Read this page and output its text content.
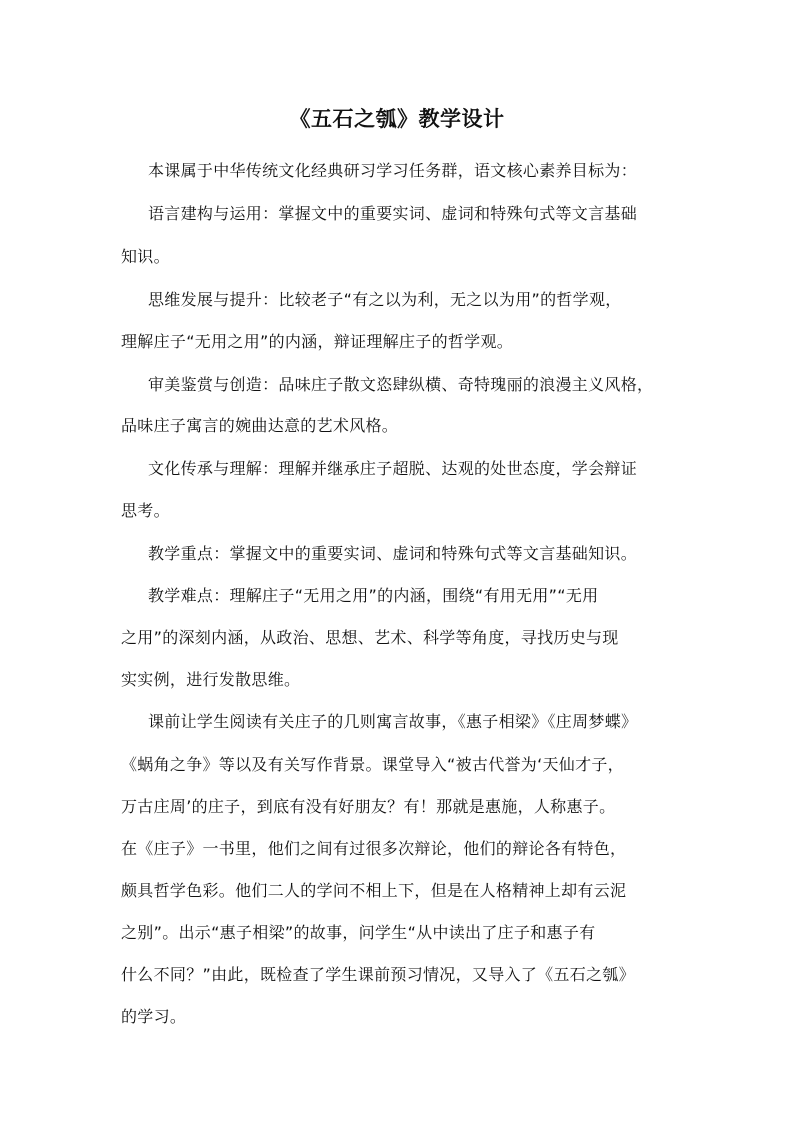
《五石之瓠》教学设计
本课属于中华传统文化经典研习学习任务群，语文核心素养目标为：
语言建构与运用：掌握文中的重要实词、虚词和特殊句式等文言基础
知识。
思维发展与提升：比较老子“有之以为利，无之以为用”的哲学观，
理解庄子“无用之用”的内涵，辩证理解庄子的哲学观。
审美鉴赏与创造：品味庄子散文恣肆纵横、奇特瑰丽的浪漫主义风格，
品味庄子寓言的婉曲达意的艺术风格。
文化传承与理解：理解并继承庄子超脱、达观的处世态度，学会辩证
思考。
教学重点：掌握文中的重要实词、虚词和特殊句式等文言基础知识。
教学难点：理解庄子“无用之用”的内涵，围绕“有用无用”“无用
之用”的深刻内涵，从政治、思想、艺术、科学等角度，寻找历史与现
实实例，进行发散思维。
课前让学生阅读有关庄子的几则寓言故事，《惠子相梁》《庄周梦蝶》
《蜗角之争》等以及有关写作背景。课堂导入“被古代誉为‘天仙才子，
万古庄周’的庄子，到底有没有好朋友？有！那就是惠施，人称惠子。
在《庄子》一书里，他们之间有过很多次辩论，他们的辩论各有特色，
颇具哲学色彩。他们二人的学问不相上下，但是在人格精神上却有云泥
之别”。出示“惠子相梁”的故事，问学生“从中读出了庄子和惠子有
什么不同？”由此，既检查了学生课前预习情况，又导入了《五石之瓠》
的学习。
